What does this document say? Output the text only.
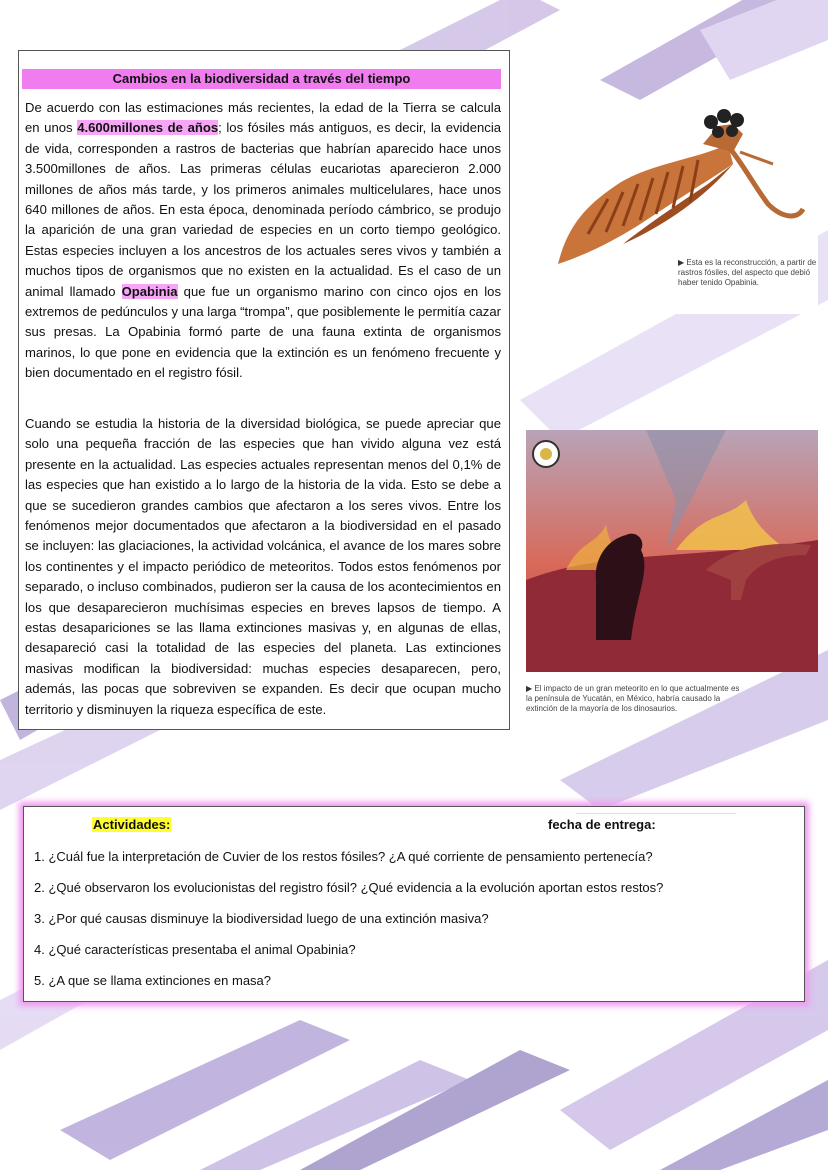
Cambios en la biodiversidad a través del tiempo

De acuerdo con las estimaciones más recientes, la edad de la Tierra se calcula en unos 4.600millones de años; los fósiles más antiguos, es decir, la evidencia de vida, corresponden a rastros de bacterias que habrían aparecido hace unos 3.500millones de años. Las primeras células eucariotas aparecieron 2.000 millones de años más tarde, y los primeros animales multicelulares, hace unos 640 millones de años. En esta época, denominada período cámbrico, se produjo la aparición de una gran variedad de especies en un corto tiempo geológico. Estas especies incluyen a los ancestros de los actuales seres vivos y también a muchos tipos de organismos que no existen en la actualidad. Es el caso de un animal llamado Opabinia que fue un organismo marino con cinco ojos en los extremos de pedúnculos y una larga “trompa”, que posiblemente le permitía cazar sus presas. La Opabinia formó parte de una fauna extinta de organismos marinos, lo que pone en evidencia que la extinción es un fenómeno frecuente y bien documentado en el registro fósil.

Cuando se estudia la historia de la diversidad biológica, se puede apreciar que solo una pequeña fracción de las especies que han vivido alguna vez está presente en la actualidad. Las especies actuales representan menos del 0,1% de las especies que han existido a lo largo de la historia de la vida. Esto se debe a que se sucedieron grandes cambios que afectaron a los seres vivos. Entre los fenómenos mejor documentados que afectaron a la biodiversidad en el pasado se incluyen: las glaciaciones, la actividad volcánica, el avance de los mares sobre los continentes y el impacto periódico de meteoritos. Todos estos fenómenos por separado, o incluso combinados, pudieron ser la causa de los acontecimientos en los que desaparecieron muchísimas especies en breves lapsos de tiempo. A estas desapariciones se las llama extinciones masivas y, en algunas de ellas, desapareció casi la totalidad de las especies del planeta. Las extinciones masivas modifican la biodiversidad: muchas especies desaparecen, pero, además, las pocas que sobreviven se expanden. Es decir que ocupan mucho territorio y disminuyen la riqueza específica de este.

▶ Esta es la reconstrucción, a partir de rastros fósiles, del aspecto que debió haber tenido Opabinia.
▶ El impacto de un gran meteorito en lo que actualmente es la península de Yucatán, en México, habría causado la extinción de la mayoría de los dinosaurios.
Actividades:	fecha de entrega:
1. ¿Cuál fue la interpretación de Cuvier de los restos fósiles? ¿A qué corriente de pensamiento pertenecía?
2. ¿Qué observaron los evolucionistas del registro fósil? ¿Qué evidencia a la evolución aportan estos restos?
3. ¿Por qué causas disminuye la biodiversidad luego de una extinción masiva?
4. ¿Qué características presentaba el animal Opabinia?
5. ¿A que se llama extinciones en masa?
